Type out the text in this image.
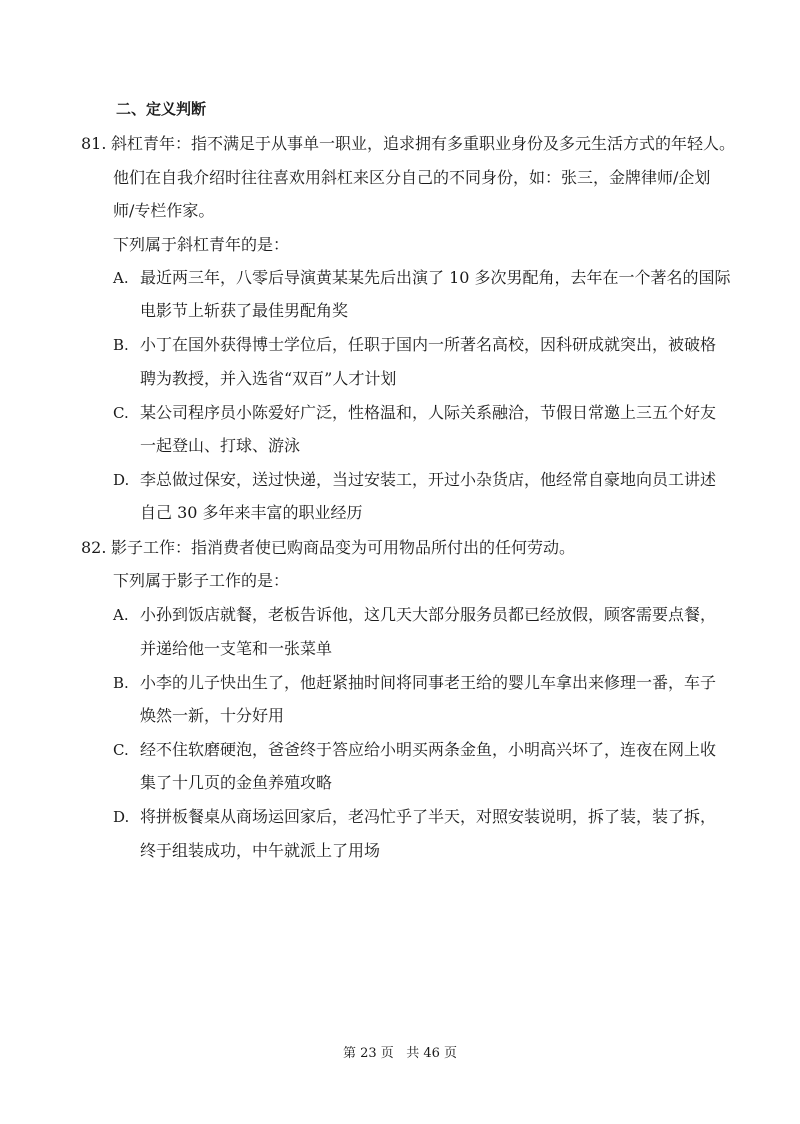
二、定义判断
81. 斜杠青年：指不满足于从事单一职业，追求拥有多重职业身份及多元生活方式的年轻人。
他们在自我介绍时往往喜欢用斜杠来区分自己的不同身份，如：张三，金牌律师/企划
师/专栏作家。
下列属于斜杠青年的是：
A. 最近两三年，八零后导演黄某某先后出演了 10 多次男配角，去年在一个著名的国际
电影节上斩获了最佳男配角奖
B. 小丁在国外获得博士学位后，任职于国内一所著名高校，因科研成就突出，被破格
聘为教授，并入选省“双百”人才计划
C. 某公司程序员小陈爱好广泛，性格温和，人际关系融洽，节假日常邀上三五个好友
一起登山、打球、游泳
D. 李总做过保安，送过快递，当过安装工，开过小杂货店，他经常自豪地向员工讲述
自己 30 多年来丰富的职业经历
82. 影子工作：指消费者使已购商品变为可用物品所付出的任何劳动。
下列属于影子工作的是：
A. 小孙到饭店就餐，老板告诉他，这几天大部分服务员都已经放假，顾客需要点餐，
并递给他一支笔和一张菜单
B. 小李的儿子快出生了，他赶紧抽时间将同事老王给的婴儿车拿出来修理一番，车子
焕然一新，十分好用
C. 经不住软磨硬泡，爸爸终于答应给小明买两条金鱼，小明高兴坏了，连夜在网上收
集了十几页的金鱼养殖攻略
D. 将拼板餐桌从商场运回家后，老冯忙乎了半天，对照安装说明，拆了装，装了拆，
终于组装成功，中午就派上了用场
第 23 页   共 46 页
